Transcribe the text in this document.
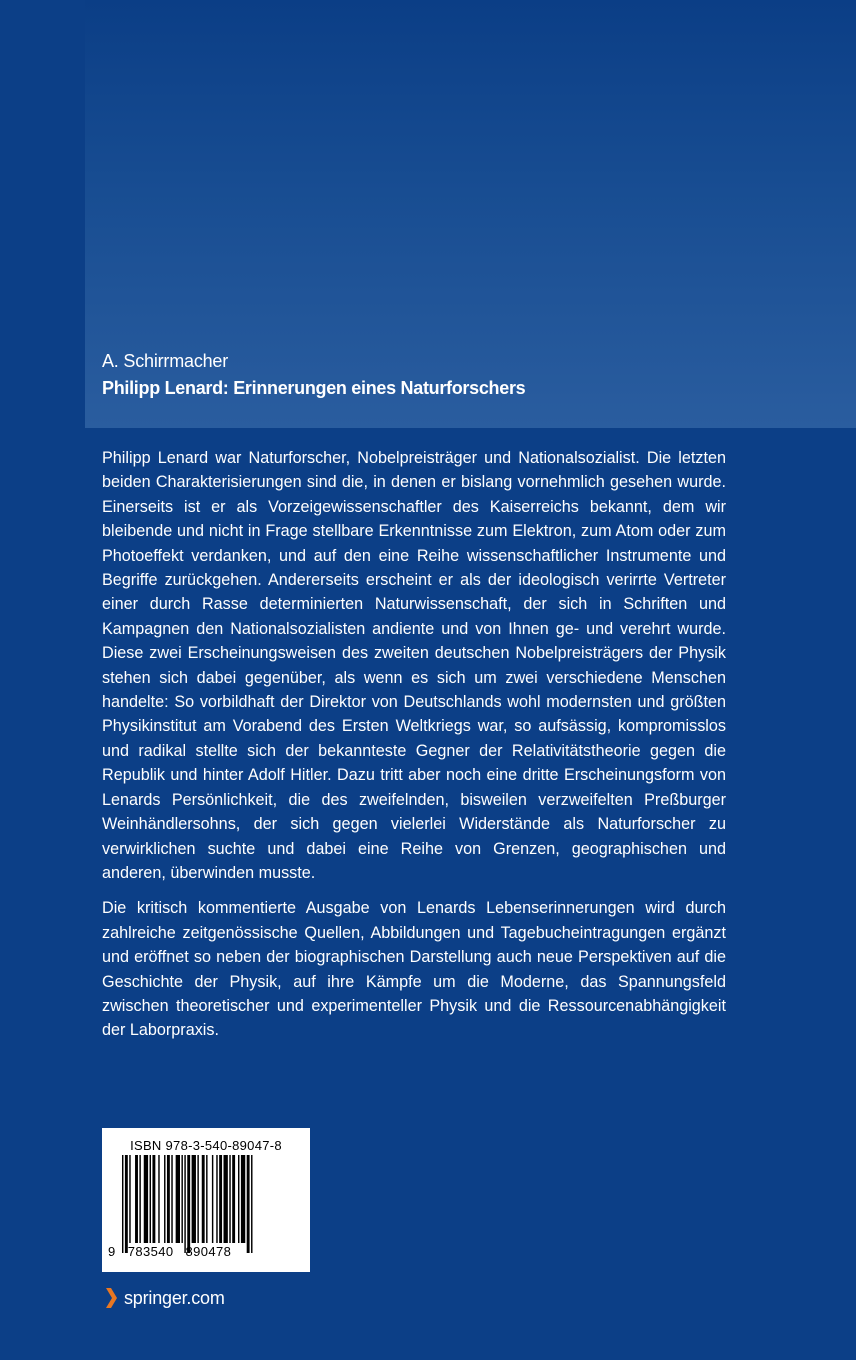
A. Schirrmacher
Philipp Lenard: Erinnerungen eines Naturforschers

Philipp Lenard war Naturforscher, Nobelpreisträger und Nationalsozialist. Die letzten beiden Charakterisierungen sind die, in denen er bislang vornehmlich gesehen wurde. Einerseits ist er als Vorzeigewissenschaftler des Kaiserreichs bekannt, dem wir bleibende und nicht in Frage stellbare Erkenntnisse zum Elektron, zum Atom oder zum Photoeffekt verdanken, und auf den eine Reihe wissenschaftlicher Instrumente und Begriffe zurückgehen. Andererseits erscheint er als der ideologisch verirrte Vertreter einer durch Rasse determinierten Naturwissenschaft, der sich in Schriften und Kampagnen den Nationalsozialisten andiente und von Ihnen ge- und verehrt wurde. Diese zwei Erscheinungsweisen des zweiten deutschen Nobelpreisträgers der Physik stehen sich dabei gegenüber, als wenn es sich um zwei verschiedene Menschen handelte: So vorbildhaft der Direktor von Deutschlands wohl modernsten und größten Physikinstitut am Vorabend des Ersten Weltkriegs war, so aufsässig, kompromisslos und radikal stellte sich der bekannteste Gegner der Relativitätstheorie gegen die Republik und hinter Adolf Hitler. Dazu tritt aber noch eine dritte Erscheinungsform von Lenards Persönlichkeit, die des zweifelnden, bisweilen verzweifelten Preßburger Weinhändlersohns, der sich gegen vielerlei Widerstände als Naturforscher zu verwirklichen suchte und dabei eine Reihe von Grenzen, geographischen und anderen, überwinden musste.

Die kritisch kommentierte Ausgabe von Lenards Lebenserinnerungen wird durch zahlreiche zeitgenössische Quellen, Abbildungen und Tagebucheintragungen ergänzt und eröffnet so neben der biographischen Darstellung auch neue Perspektiven auf die Geschichte der Physik, auf ihre Kämpfe um die Moderne, das Spannungsfeld zwischen theoretischer und experimenteller Physik und die Ressourcenabhängigkeit der Laborpraxis.

ISBN 978-3-540-89047-8
9 783540 890478
springer.com
